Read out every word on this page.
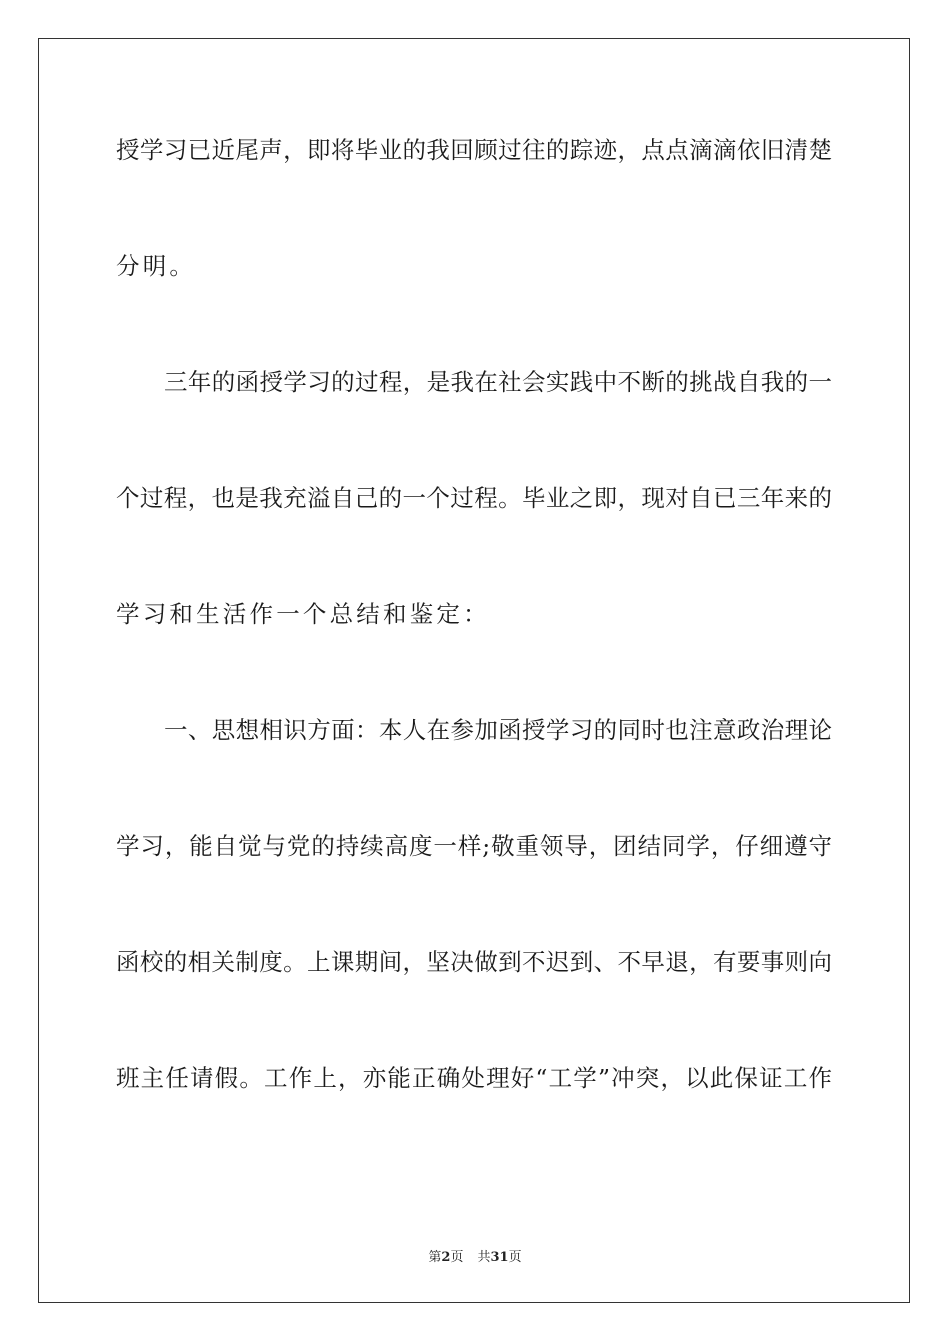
授学习已近尾声，即将毕业的我回顾过往的踪迹，点点滴滴依旧清楚
分明。
三年的函授学习的过程，是我在社会实践中不断的挑战自我的一
个过程，也是我充溢自己的一个过程。毕业之即，现对自已三年来的
学习和生活作一个总结和鉴定：
一、思想相识方面：本人在参加函授学习的同时也注意政治理论
学习，能自觉与党的持续高度一样;敬重领导，团结同学，仔细遵守
函校的相关制度。上课期间，坚决做到不迟到、不早退，有要事则向
班主任请假。工作上，亦能正确处理好“工学”冲突，以此保证工作
第2页 共31页
